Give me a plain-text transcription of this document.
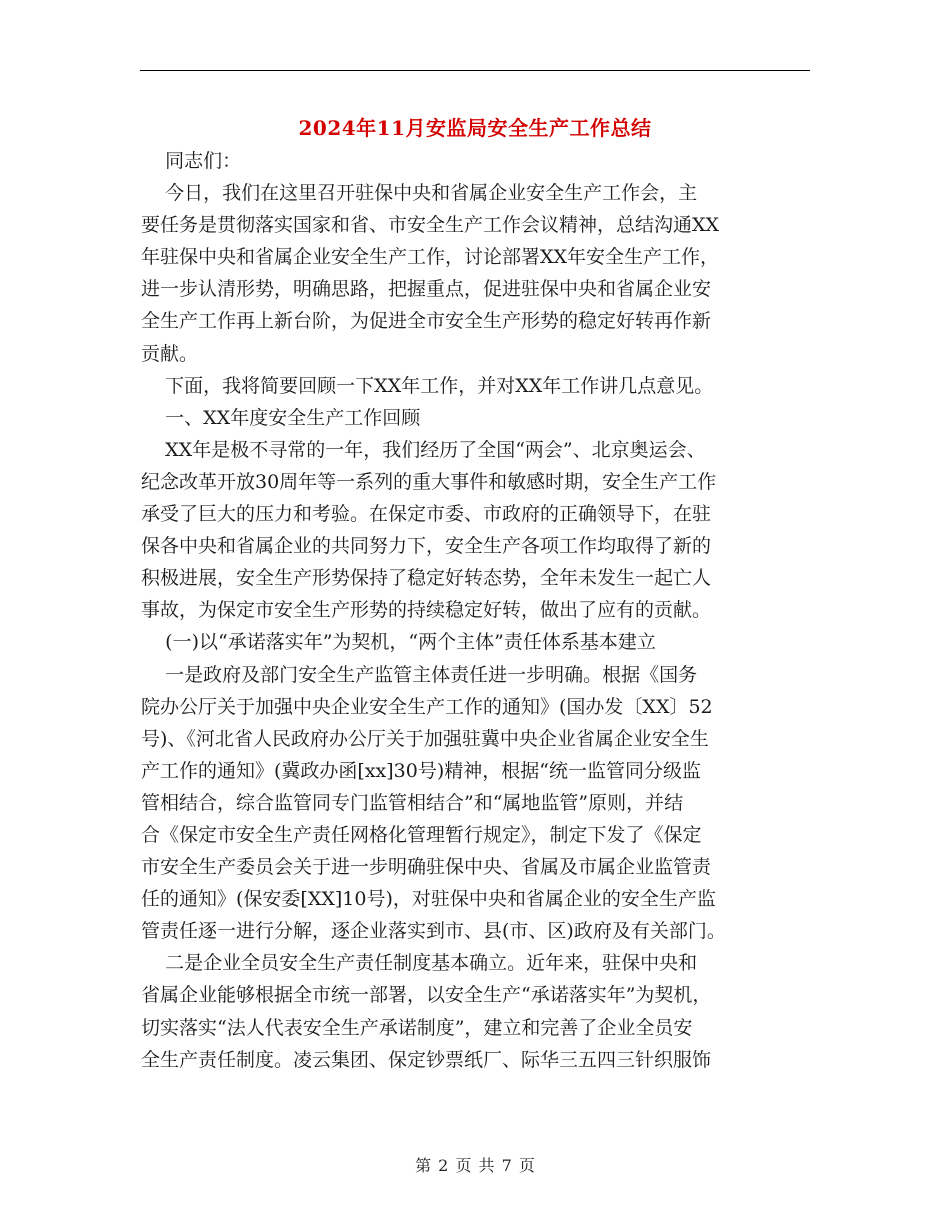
2024年11月安监局安全生产工作总结

同志们：

今日，我们在这里召开驻保中央和省属企业安全生产工作会，主

要任务是贯彻落实国家和省、市安全生产工作会议精神，总结沟通XX

年驻保中央和省属企业安全生产工作，讨论部署XX年安全生产工作，

进一步认清形势，明确思路，把握重点，促进驻保中央和省属企业安

全生产工作再上新台阶，为促进全市安全生产形势的稳定好转再作新

贡献。

下面，我将简要回顾一下XX年工作，并对XX年工作讲几点意见。

一、XX年度安全生产工作回顾

XX年是极不寻常的一年，我们经历了全国“两会”、北京奥运会、

纪念改革开放30周年等一系列的重大事件和敏感时期，安全生产工作

承受了巨大的压力和考验。在保定市委、市政府的正确领导下，在驻

保各中央和省属企业的共同努力下，安全生产各项工作均取得了新的

积极进展，安全生产形势保持了稳定好转态势，全年未发生一起亡人

事故，为保定市安全生产形势的持续稳定好转，做出了应有的贡献。

(一)以“承诺落实年”为契机，“两个主体”责任体系基本建立

一是政府及部门安全生产监管主体责任进一步明确。根据《国务

院办公厅关于加强中央企业安全生产工作的通知》(国办发〔XX〕52

号)、《河北省人民政府办公厅关于加强驻冀中央企业省属企业安全生

产工作的通知》(冀政办函[xx]30号)精神，根据“统一监管同分级监

管相结合，综合监管同专门监管相结合”和“属地监管”原则，并结

合《保定市安全生产责任网格化管理暂行规定》，制定下发了《保定

市安全生产委员会关于进一步明确驻保中央、省属及市属企业监管责

任的通知》(保安委[XX]10号)，对驻保中央和省属企业的安全生产监

管责任逐一进行分解，逐企业落实到市、县(市、区)政府及有关部门。

二是企业全员安全生产责任制度基本确立。近年来，驻保中央和

省属企业能够根据全市统一部署，以安全生产“承诺落实年”为契机，

切实落实“法人代表安全生产承诺制度”，建立和完善了企业全员安

全生产责任制度。凌云集团、保定钞票纸厂、际华三五四三针织服饰

第 2 页 共 7 页
